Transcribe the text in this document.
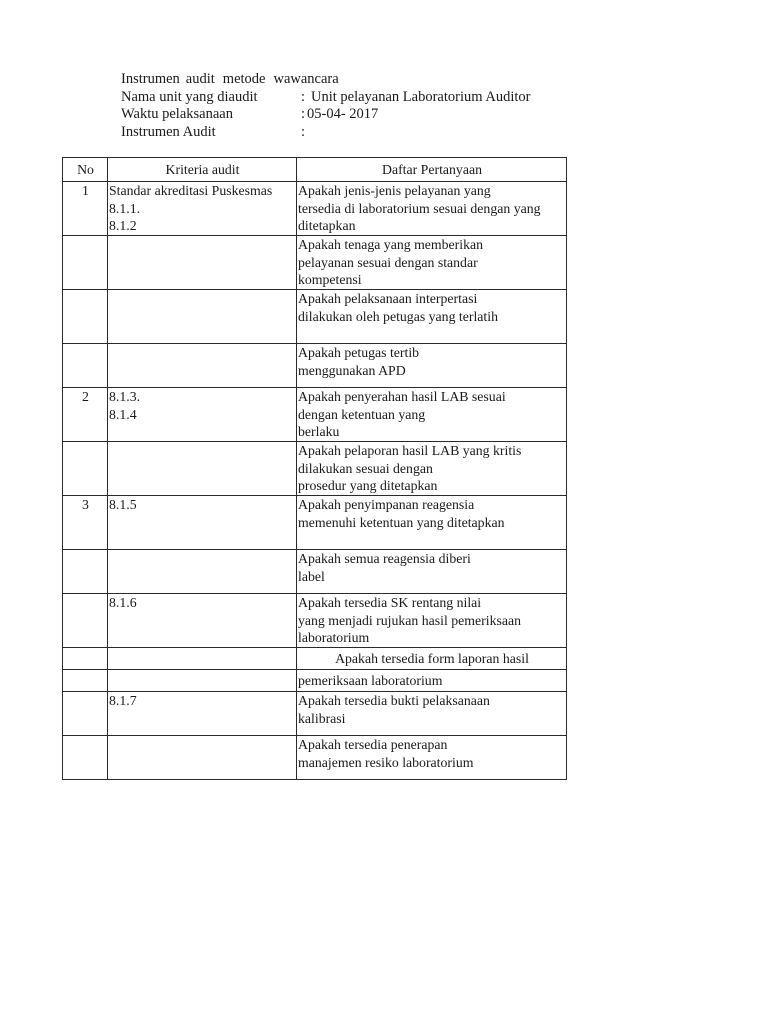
Instrumen audit metode wawancara
Nama unit yang diaudit	: Unit pelayanan Laboratorium Auditor
Waktu pelaksanaan	: 05-04- 2017
Instrumen Audit	:
No	Kriteria audit	Daftar Pertanyaan
1	Standar akreditasi Puskesmas
8.1.1.
8.1.2	Apakah jenis-jenis pelayanan yang
tersedia di laboratorium sesuai dengan yang
ditetapkan

		Apakah tenaga yang memberikan
pelayanan sesuai dengan standar
kompetensi

		Apakah pelaksanaan interpertasi
dilakukan oleh petugas yang terlatih

		Apakah petugas tertib
menggunakan APD

2	8.1.3.
8.1.4	Apakah penyerahan hasil LAB sesuai
dengan ketentuan yang
berlaku

		Apakah pelaporan hasil LAB yang kritis
dilakukan sesuai dengan
prosedur yang ditetapkan

3	8.1.5	Apakah penyimpanan reagensia
memenuhi ketentuan yang ditetapkan

		Apakah semua reagensia diberi
label

	8.1.6	Apakah tersedia SK rentang nilai
yang menjadi rujukan hasil pemeriksaan
laboratorium

		Apakah tersedia form laporan hasil

		pemeriksaan laboratorium

	8.1.7	Apakah tersedia bukti pelaksanaan
kalibrasi

		Apakah tersedia penerapan
manajemen resiko laboratorium
